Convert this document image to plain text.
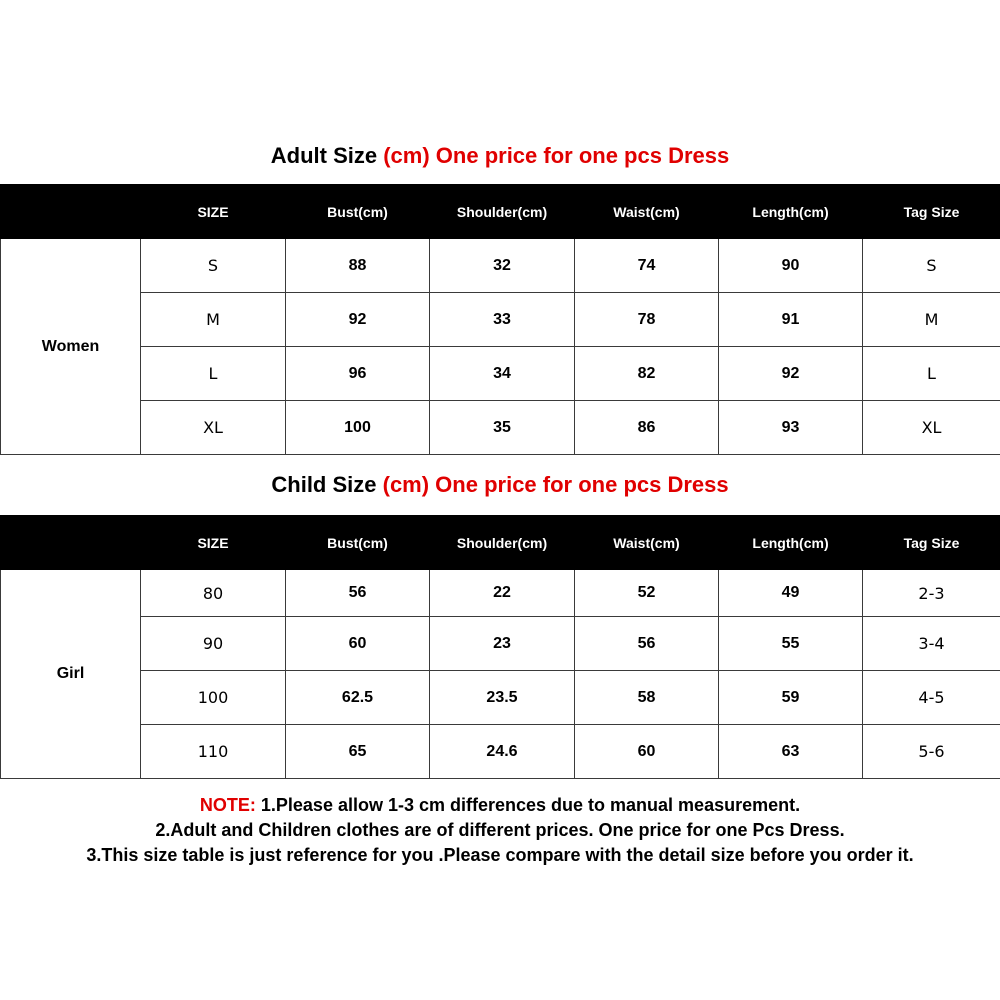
Adult Size (cm) One price for one pcs Dress
	SIZE	Bust(cm)	Shoulder(cm)	Waist(cm)	Length(cm)	Tag Size
Women	S	88	32	74	90	S
	M	92	33	78	91	M
	L	96	34	82	92	L
	XL	100	35	86	93	XL
Child Size (cm) One price for one pcs Dress
	SIZE	Bust(cm)	Shoulder(cm)	Waist(cm)	Length(cm)	Tag Size
Girl	80	56	22	52	49	2-3
	90	60	23	56	55	3-4
	100	62.5	23.5	58	59	4-5
	110	65	24.6	60	63	5-6
NOTE: 1.Please allow 1-3 cm differences due to manual measurement.
2.Adult and Children clothes are of different prices. One price for one Pcs Dress.
3.This size table is just reference for you .Please compare with the detail size before you order it.
